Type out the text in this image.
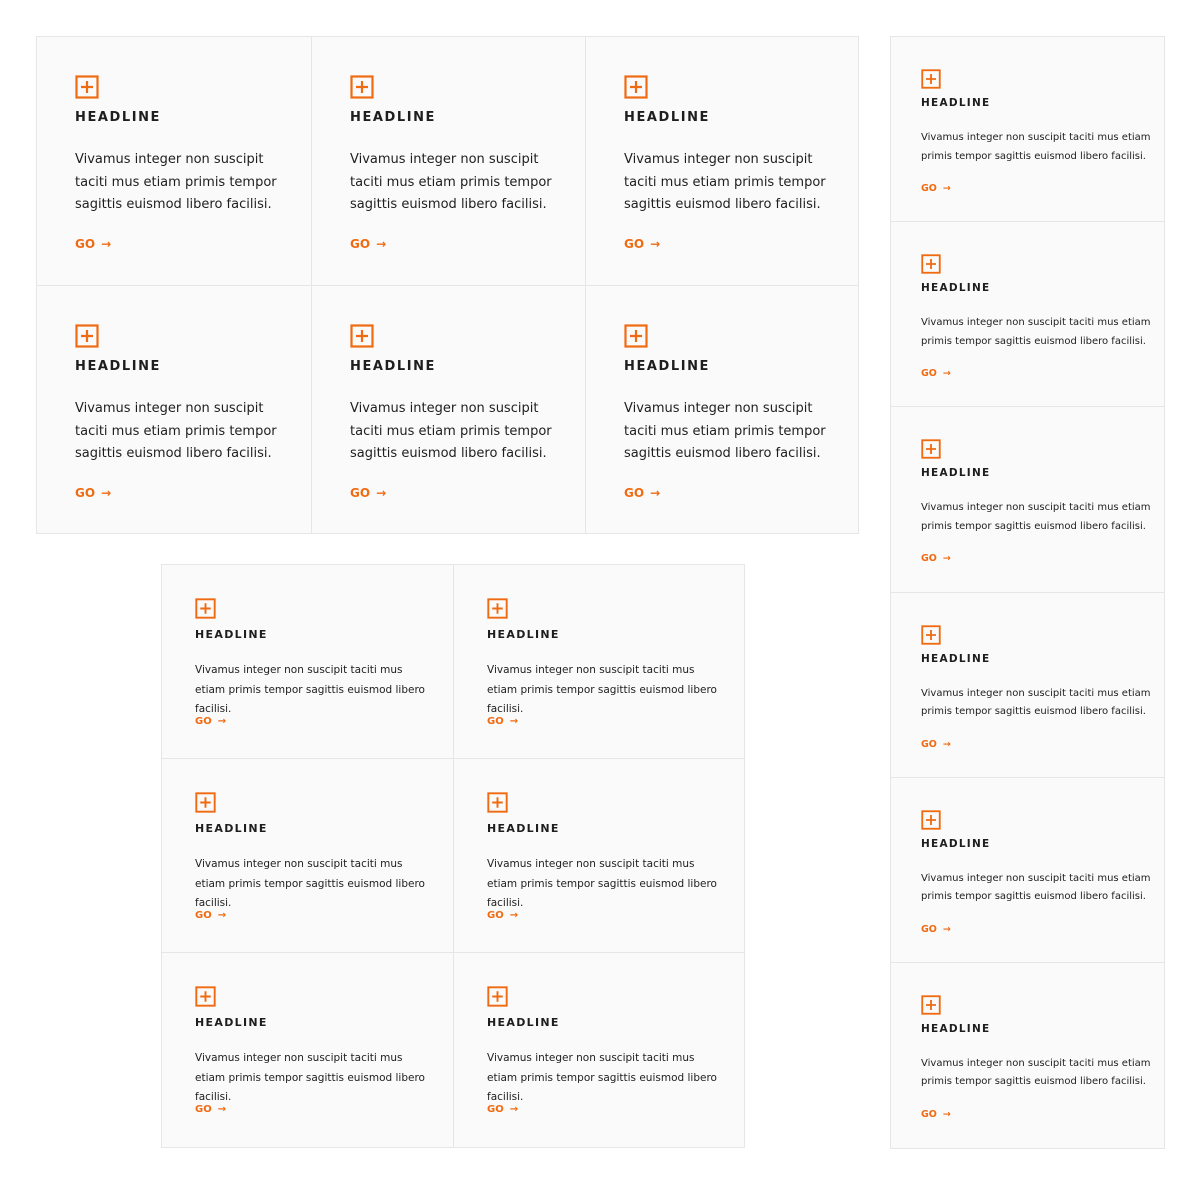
HEADLINE

Vivamus integer non suscipit taciti mus etiam primis tempor sagittis euismod libero facilisi.

GO →
HEADLINE

Vivamus integer non suscipit taciti mus etiam primis tempor sagittis euismod libero facilisi.

GO →
HEADLINE

Vivamus integer non suscipit taciti mus etiam primis tempor sagittis euismod libero facilisi.

GO →
HEADLINE

Vivamus integer non suscipit taciti mus etiam primis tempor sagittis euismod libero facilisi.

GO →
HEADLINE

Vivamus integer non suscipit taciti mus etiam primis tempor sagittis euismod libero facilisi.

GO →
HEADLINE

Vivamus integer non suscipit taciti mus etiam primis tempor sagittis euismod libero facilisi.

GO →
HEADLINE

Vivamus integer non suscipit taciti mus etiam primis tempor sagittis euismod libero facilisi.

GO →
HEADLINE

Vivamus integer non suscipit taciti mus etiam primis tempor sagittis euismod libero facilisi.

GO →
HEADLINE

Vivamus integer non suscipit taciti mus etiam primis tempor sagittis euismod libero facilisi.

GO →
HEADLINE

Vivamus integer non suscipit taciti mus etiam primis tempor sagittis euismod libero facilisi.

GO →
HEADLINE

Vivamus integer non suscipit taciti mus etiam primis tempor sagittis euismod libero facilisi.

GO →
HEADLINE

Vivamus integer non suscipit taciti mus etiam primis tempor sagittis euismod libero facilisi.

GO →
HEADLINE

Vivamus integer non suscipit taciti mus etiam primis tempor sagittis euismod libero facilisi.

GO →
HEADLINE

Vivamus integer non suscipit taciti mus etiam primis tempor sagittis euismod libero facilisi.

GO →
HEADLINE

Vivamus integer non suscipit taciti mus etiam primis tempor sagittis euismod libero facilisi.

GO →
HEADLINE

Vivamus integer non suscipit taciti mus etiam primis tempor sagittis euismod libero facilisi.

GO →
HEADLINE

Vivamus integer non suscipit taciti mus etiam primis tempor sagittis euismod libero facilisi.

GO →
HEADLINE

Vivamus integer non suscipit taciti mus etiam primis tempor sagittis euismod libero facilisi.

GO →
